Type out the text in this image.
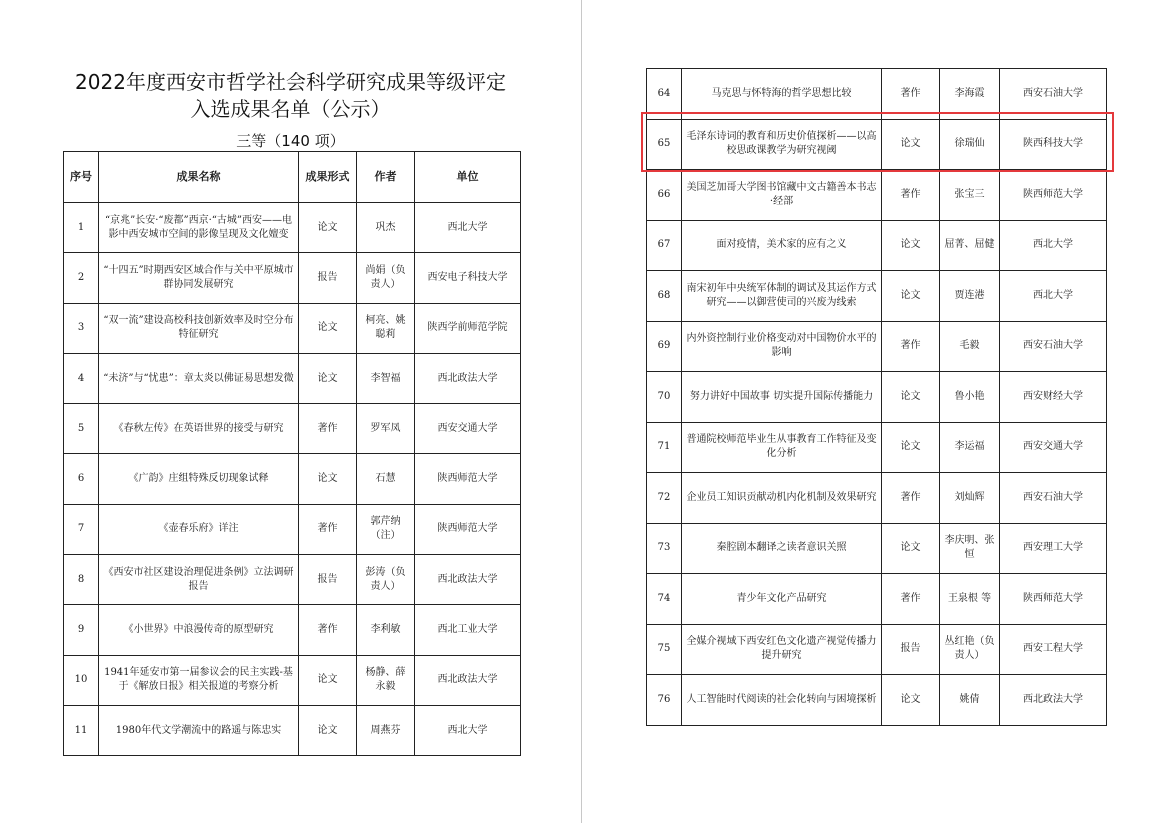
2022年度西安市哲学社会科学研究成果等级评定
入选成果名单（公示）
三等（140 项）
序号	成果名称	成果形式	作者	单位
1	“京兆”长安·“废都”西京·“古城”西安——电影中西安城市空间的影像呈现及文化嬗变	论文	巩杰	西北大学
2	“十四五”时期西安区域合作与关中平原城市群协同发展研究	报告	尚娟（负责人）	西安电子科技大学
3	“双一流”建设高校科技创新效率及时空分布特征研究	论文	柯亮、姚聪莉	陕西学前师范学院
4	“未济”与“忧患”：章太炎以佛证易思想发微	论文	李智福	西北政法大学
5	《春秋左传》在英语世界的接受与研究	著作	罗军凤	西安交通大学
6	《广韵》庄组特殊反切现象试释	论文	石慧	陕西师范大学
7	《壶春乐府》详注	著作	郭芹纳（注）	陕西师范大学
8	《西安市社区建设治理促进条例》立法调研报告	报告	彭涛（负责人）	西北政法大学
9	《小世界》中浪漫传奇的原型研究	著作	李利敏	西北工业大学
10	1941年延安市第一届参议会的民主实践-基于《解放日报》相关报道的考察分析	论文	杨静、薛永毅	西北政法大学
11	1980年代文学潮流中的路遥与陈忠实	论文	周燕芬	西北大学
64	马克思与怀特海的哲学思想比较	著作	李海霞	西安石油大学
65	毛泽东诗词的教育和历史价值探析——以高校思政课教学为研究视阈	论文	徐瑞仙	陕西科技大学
66	美国芝加哥大学图书馆藏中文古籍善本书志·经部	著作	张宝三	陕西师范大学
67	面对疫情，美术家的应有之义	论文	屈菁、屈健	西北大学
68	南宋初年中央统军体制的调试及其运作方式研究——以御营使司的兴废为线索	论文	贾连港	西北大学
69	内外资控制行业价格变动对中国物价水平的影响	著作	毛毅	西安石油大学
70	努力讲好中国故事 切实提升国际传播能力	论文	鲁小艳	西安财经大学
71	普通院校师范毕业生从事教育工作特征及变化分析	论文	李运福	西安交通大学
72	企业员工知识贡献动机内化机制及效果研究	著作	刘灿辉	西安石油大学
73	秦腔剧本翻译之读者意识关照	论文	李庆明、张恒	西安理工大学
74	青少年文化产品研究	著作	王泉根 等	陕西师范大学
75	全媒介视域下西安红色文化遗产视觉传播力提升研究	报告	丛红艳（负责人）	西安工程大学
76	人工智能时代阅读的社会化转向与困境探析	论文	姚倩	西北政法大学
